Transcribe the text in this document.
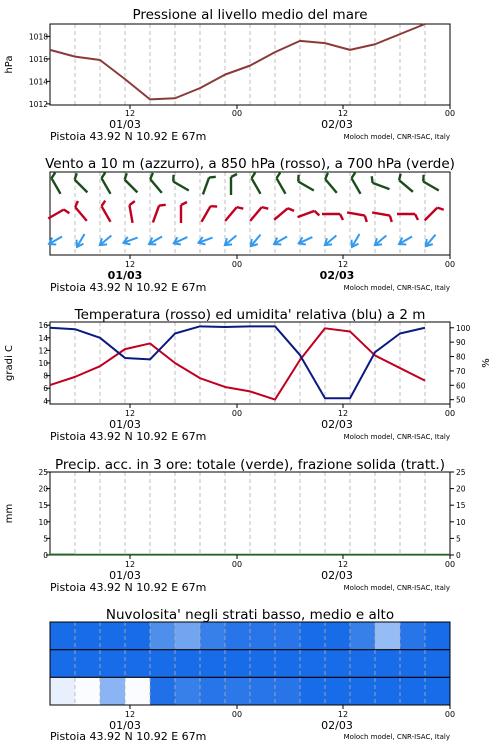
Pressione al livello medio del mare
1012
1014
1016
1018
hPa
12	00	12	00
01/03	02/03
Pistoia 43.92 N 10.92 E 67m	Moloch model, CNR-ISAC, Italy
Vento a 10 m (azzurro), a 850 hPa (rosso), a 700 hPa (verde)
12	00	12	00
01/03	02/03
Pistoia 43.92 N 10.92 E 67m	Moloch model, CNR-ISAC, Italy
Temperatura (rosso) ed umidita' relativa (blu) a 2 m
4
6
8
10
12
14
16
gradi C
50
60
70
80
90
100
%
12	00	12	00
01/03	02/03
Pistoia 43.92 N 10.92 E 67m	Moloch model, CNR-ISAC, Italy
Precip. acc. in 3 ore: totale (verde), frazione solida (tratt.)
0
5
10
15
20
25
mm
0
5
10
15
20
25
12	00	12	00
01/03	02/03
Pistoia 43.92 N 10.92 E 67m	Moloch model, CNR-ISAC, Italy
Nuvolosita' negli strati basso, medio e alto
12	00	12	00
01/03	02/03
Pistoia 43.92 N 10.92 E 67m	Moloch model, CNR-ISAC, Italy
